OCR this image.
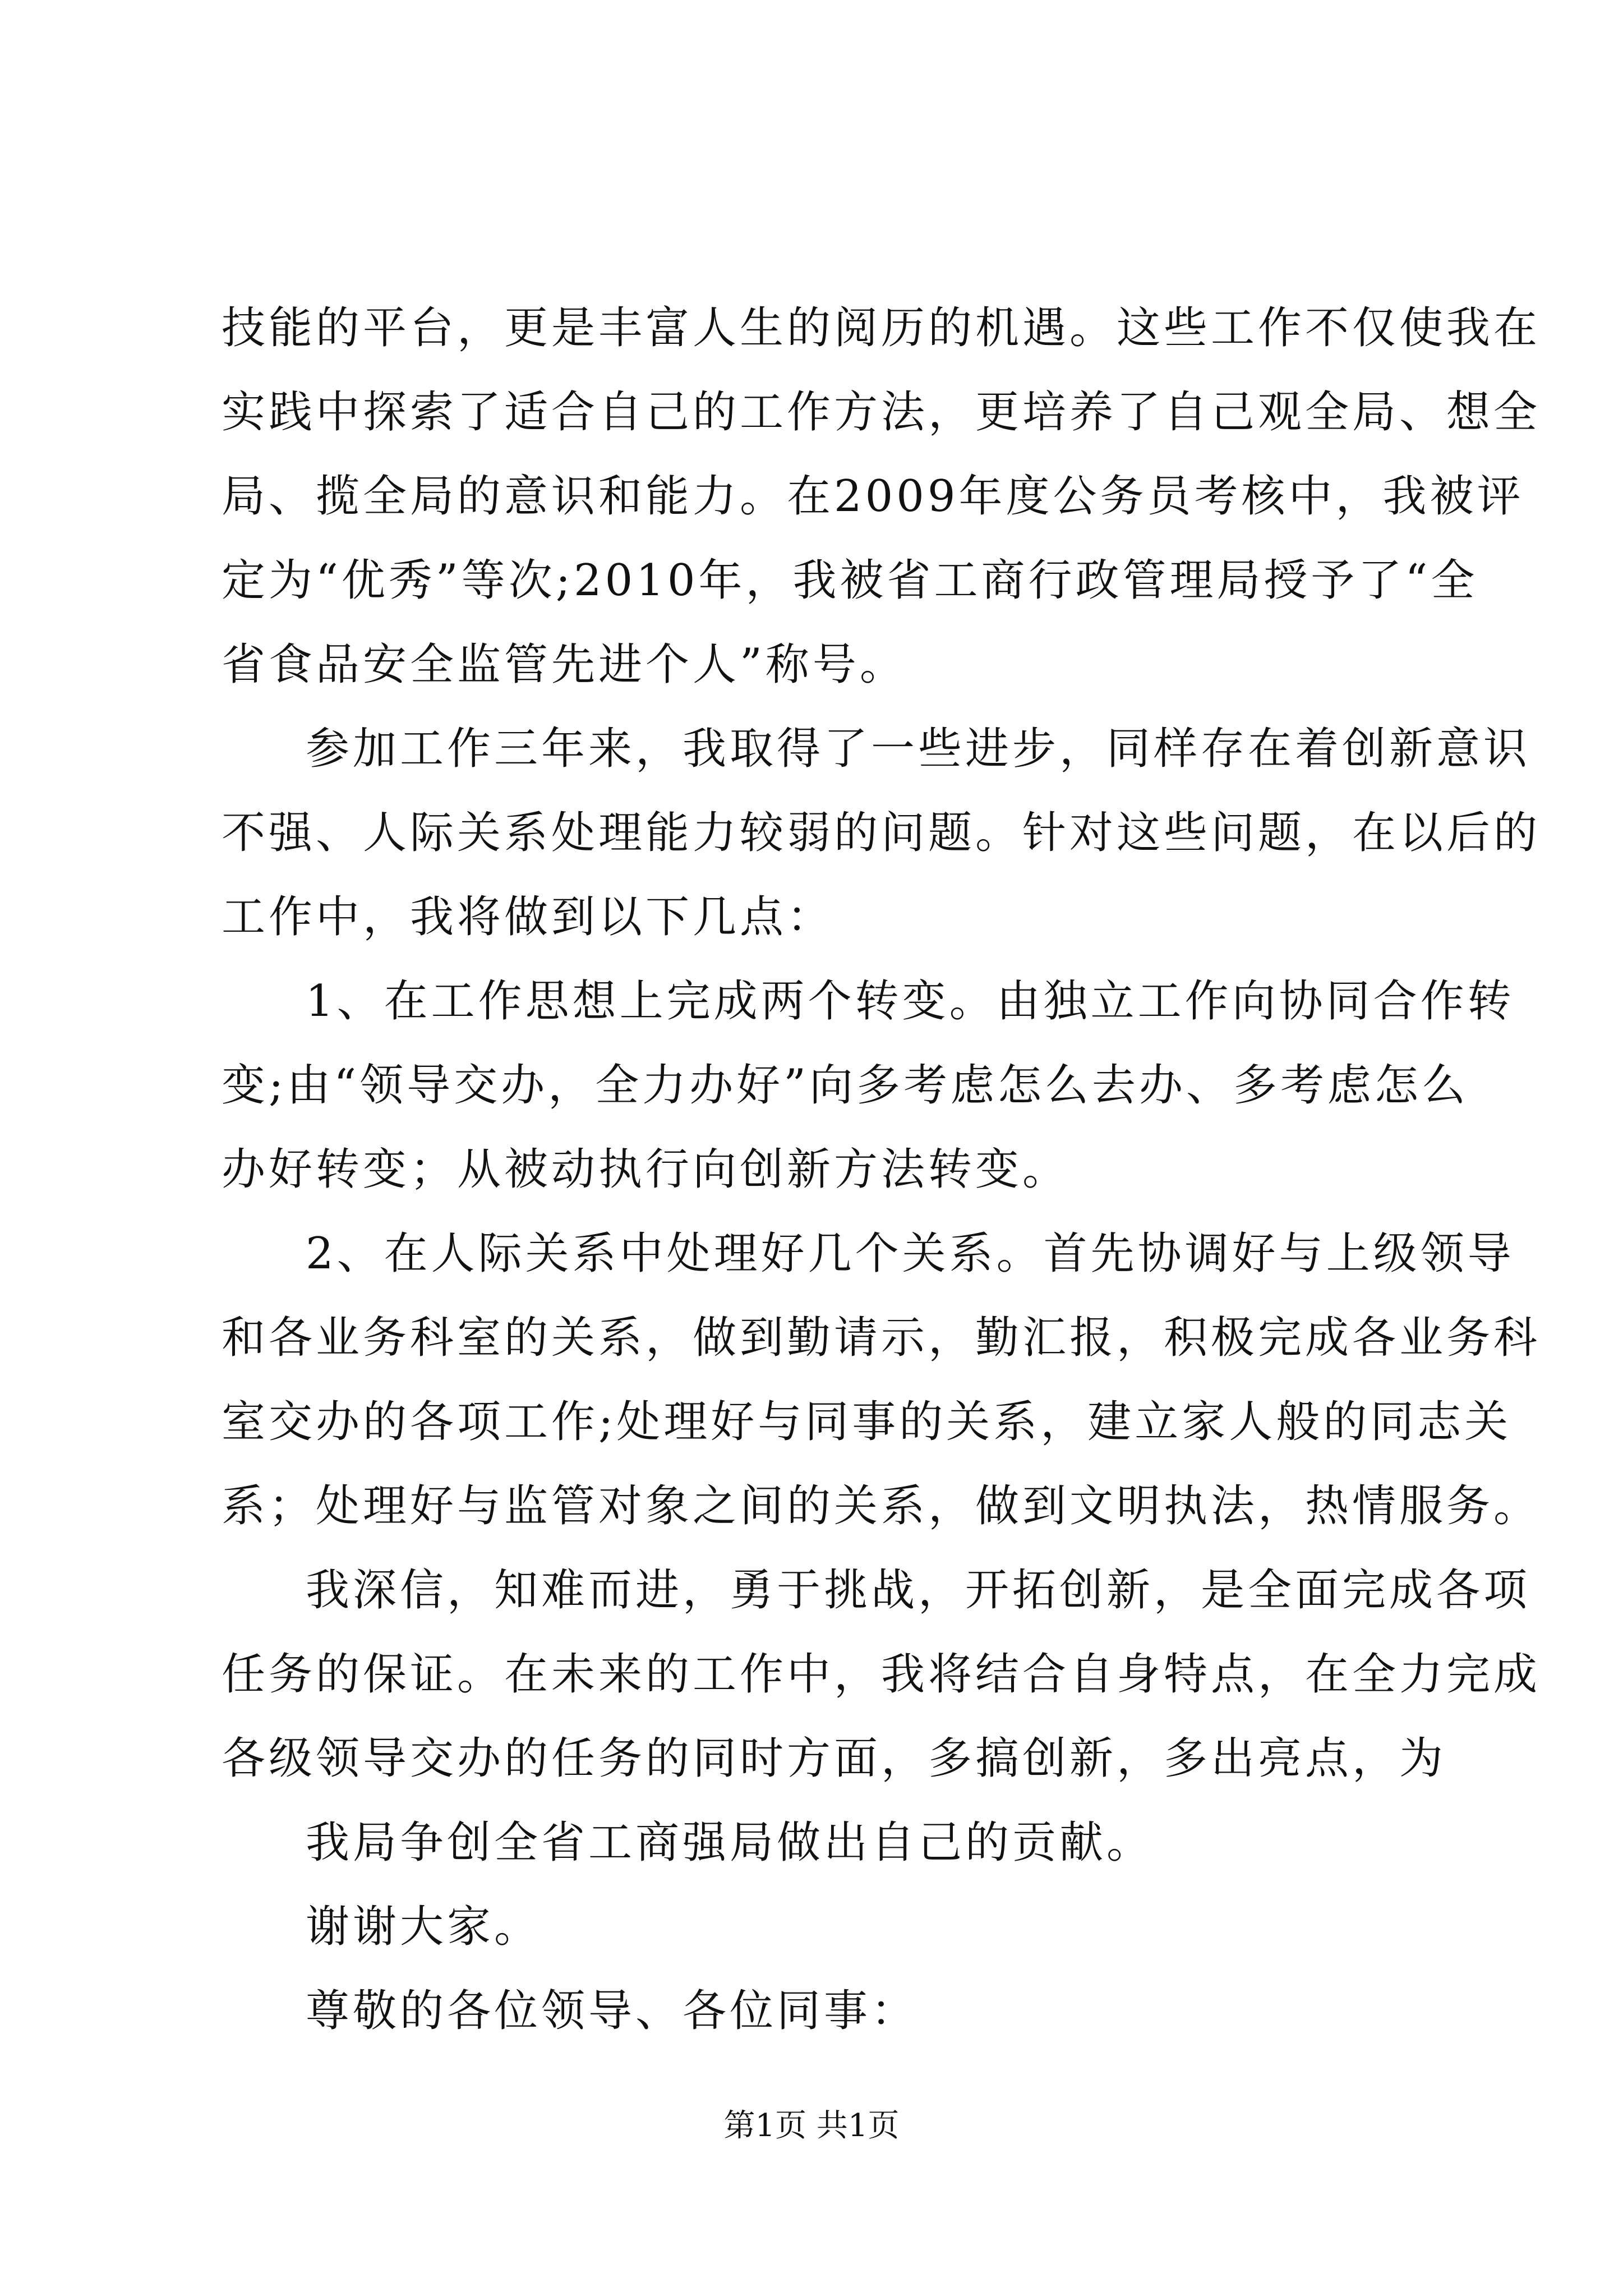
技能的平台，更是丰富人生的阅历的机遇。这些工作不仅使我在
实践中探索了适合自己的工作方法，更培养了自己观全局、想全
局、揽全局的意识和能力。在2009年度公务员考核中，我被评
定为“优秀”等次;2010年，我被省工商行政管理局授予了“全
省食品安全监管先进个人”称号。
参加工作三年来，我取得了一些进步，同样存在着创新意识
不强、人际关系处理能力较弱的问题。针对这些问题，在以后的
工作中，我将做到以下几点：
1、在工作思想上完成两个转变。由独立工作向协同合作转
变;由“领导交办，全力办好”向多考虑怎么去办、多考虑怎么
办好转变；从被动执行向创新方法转变。
2、在人际关系中处理好几个关系。首先协调好与上级领导
和各业务科室的关系，做到勤请示，勤汇报，积极完成各业务科
室交办的各项工作;处理好与同事的关系，建立家人般的同志关
系；处理好与监管对象之间的关系，做到文明执法，热情服务。
我深信，知难而进，勇于挑战，开拓创新，是全面完成各项
任务的保证。在未来的工作中，我将结合自身特点，在全力完成
各级领导交办的任务的同时方面，多搞创新，多出亮点，为
我局争创全省工商强局做出自己的贡献。
谢谢大家。
尊敬的各位领导、各位同事：
第1页 共1页
